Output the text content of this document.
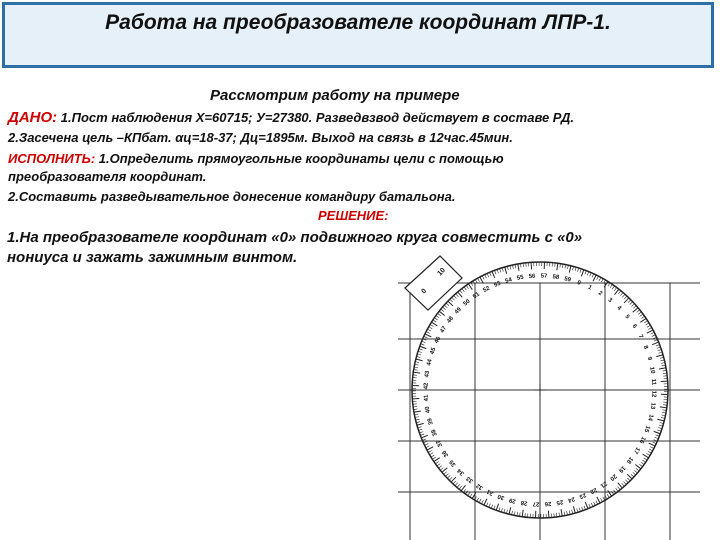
Работа на преобразователе координат ЛПР-1.
Рассмотрим работу на примере
ДАНО: 1.Пост наблюдения X=60715; У=27380. Разведвзвод действует в составе РД.
2.Засечена цель –КПбат. αц=18-37; Дц=1895м. Выход на связь в 12час.45мин.
ИСПОЛНИТЬ: 1.Определить прямоугольные координаты цели с помощью
преобразователя координат.
2.Составить разведывательное донесение командиру батальона.
РЕШЕНИЕ:
1.На преобразователе координат «0» подвижного круга совместить с «0»
нониуса и зажать зажимным винтом.
0
1
2
3
4
5
6
7
8
9
10
11
12
13
14
15
16
17
18
19
20
21
22
23
24
25
26
27
28
29
30
31
32
33
34
35
36
37
38
39
40
41
42
43
44
45
46
47
48
49
50
51
52
53 54 55 56 57 58 59
0
10
